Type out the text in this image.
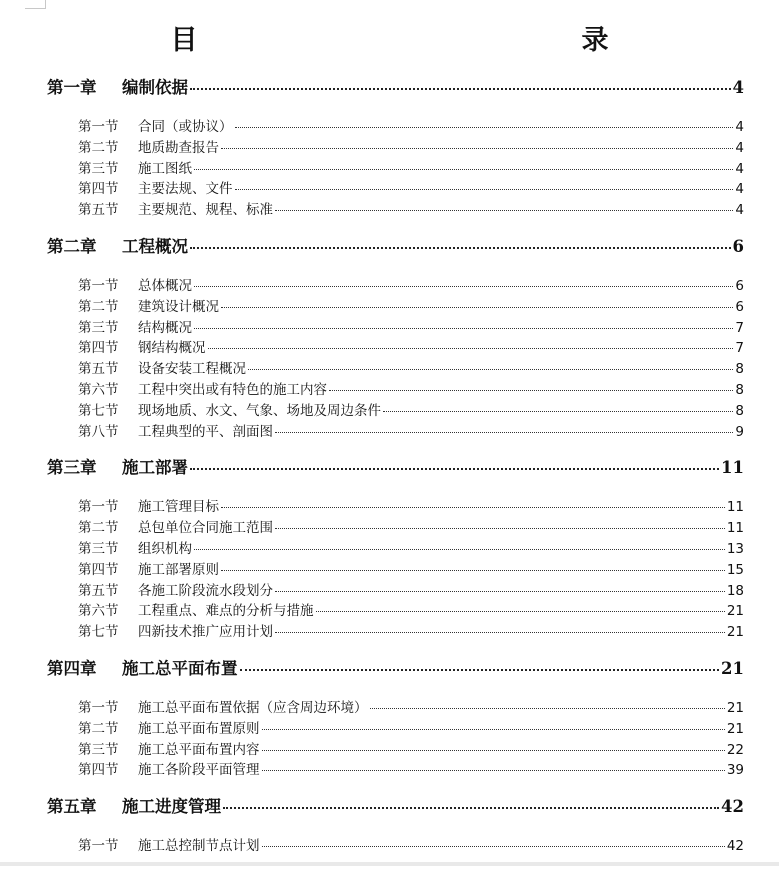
目　　录
第一章	编制依据	4
第一节	合同（或协议）	4
第二节	地质勘查报告	4
第三节	施工图纸	4
第四节	主要法规、文件	4
第五节	主要规范、规程、标准	4
第二章	工程概况	6
第一节	总体概况	6
第二节	建筑设计概况	6
第三节	结构概况	7
第四节	钢结构概况	7
第五节	设备安装工程概况	8
第六节	工程中突出或有特色的施工内容	8
第七节	现场地质、水文、气象、场地及周边条件	8
第八节	工程典型的平、剖面图	9
第三章	施工部署	11
第一节	施工管理目标	11
第二节	总包单位合同施工范围	11
第三节	组织机构	13
第四节	施工部署原则	15
第五节	各施工阶段流水段划分	18
第六节	工程重点、难点的分析与措施	21
第七节	四新技术推广应用计划	21
第四章	施工总平面布置	21
第一节	施工总平面布置依据（应含周边环境）	21
第二节	施工总平面布置原则	21
第三节	施工总平面布置内容	22
第四节	施工各阶段平面管理	39
第五章	施工进度管理	42
第一节	施工总控制节点计划	42
